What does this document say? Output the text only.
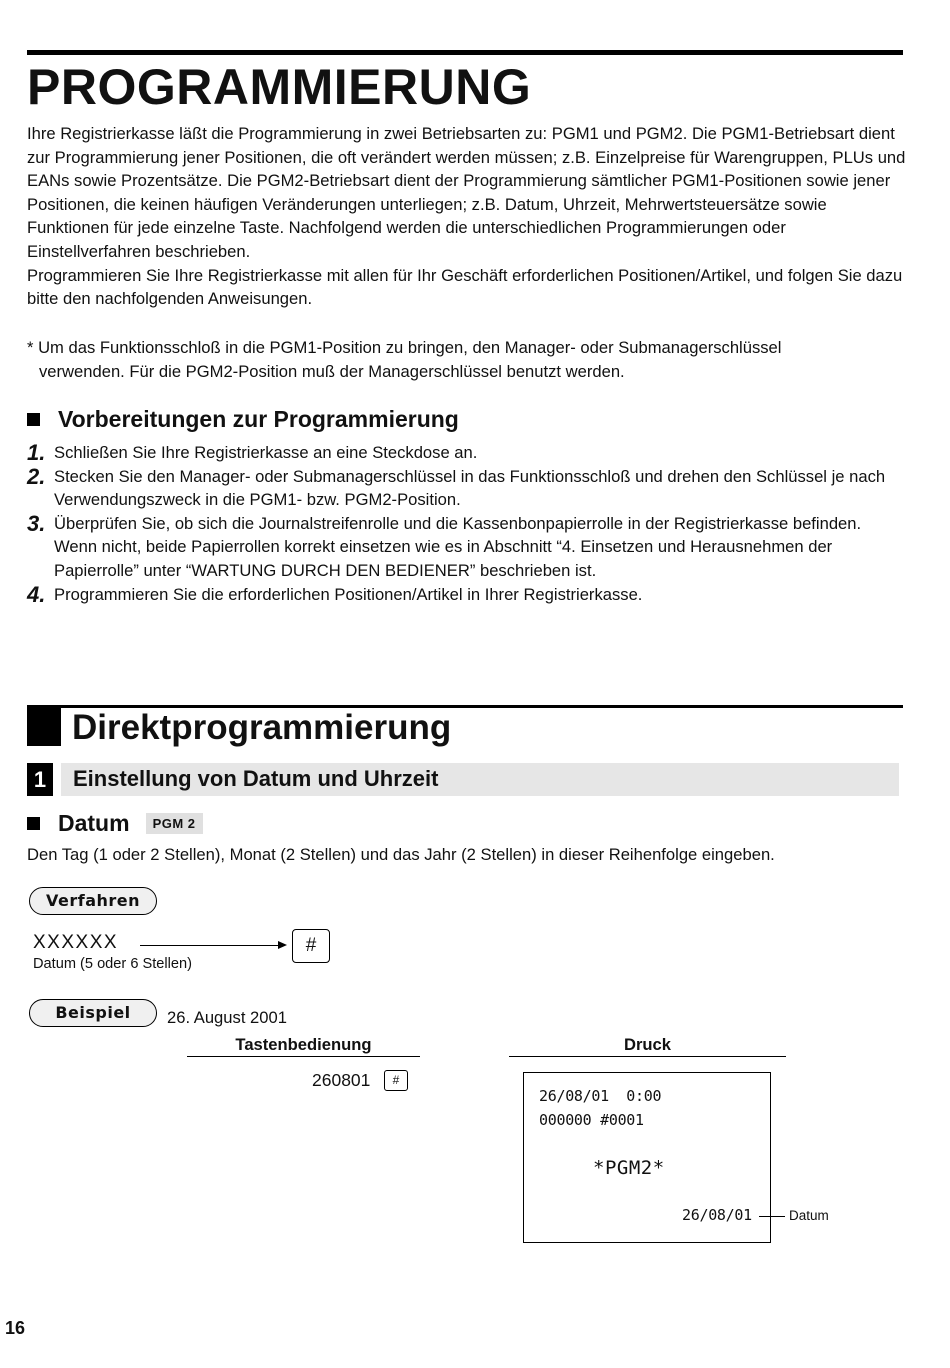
PROGRAMMIERUNG

Ihre Registrierkasse läßt die Programmierung in zwei Betriebsarten zu: PGM1 und PGM2. Die PGM1-Betriebsart dient zur Programmierung jener Positionen, die oft verändert werden müssen; z.B. Einzelpreise für Warengruppen, PLUs und EANs sowie Prozentsätze. Die PGM2-Betriebsart dient der Programmierung sämtlicher PGM1-Positionen sowie jener Positionen, die keinen häufigen Veränderungen unterliegen; z.B. Datum, Uhrzeit, Mehrwertsteuersätze sowie Funktionen für jede einzelne Taste. Nachfolgend werden die unterschiedlichen Programmierungen oder Einstellverfahren beschrieben.

Programmieren Sie Ihre Registrierkasse mit allen für Ihr Geschäft erforderlichen Positionen/Artikel, und folgen Sie dazu bitte den nachfolgenden Anweisungen.

* Um das Funktionsschloß in die PGM1-Position zu bringen, den Manager- oder Submanagerschlüssel
verwenden. Für die PGM2-Position muß der Managerschlüssel benutzt werden.
Vorbereitungen zur Programmierung
1. Schließen Sie Ihre Registrierkasse an eine Steckdose an.
2. Stecken Sie den Manager- oder Submanagerschlüssel in das Funktionsschloß und drehen den Schlüssel je nach Verwendungszweck in die PGM1- bzw. PGM2-Position.
3. Überprüfen Sie, ob sich die Journalstreifenrolle und die Kassenbonpapierrolle in der Registrierkasse befinden. Wenn nicht, beide Papierrollen korrekt einsetzen wie es in Abschnitt “4. Einsetzen und Herausnehmen der Papierrolle” unter “WARTUNG DURCH DEN BEDIENER” beschrieben ist.
4. Programmieren Sie die erforderlichen Positionen/Artikel in Ihrer Registrierkasse.
Direktprogrammierung
1	Einstellung von Datum und Uhrzeit
Datum	PGM 2
Den Tag (1 oder 2 Stellen), Monat (2 Stellen) und das Jahr (2 Stellen) in dieser Reihenfolge eingeben.
Verfahren
XXXXXX
Datum (5 oder 6 Stellen)
#
Beispiel	26. August 2001
Tastenbedienung	Druck
260801	#
26/08/01  0:00
000000 #0001
*PGM2*
26/08/01	Datum
16
